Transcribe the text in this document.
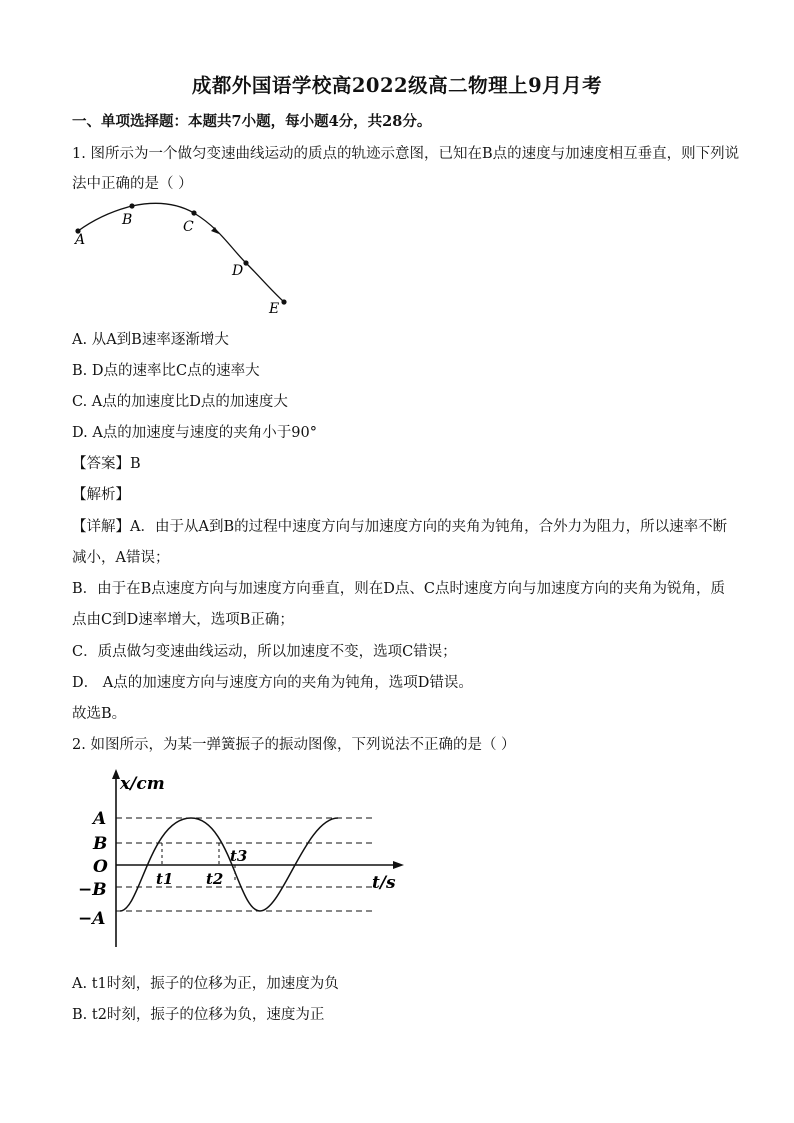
成都外国语学校高2022级高二物理上9月月考
一、单项选择题：本题共7小题，每小题4分，共28分。
1. 图所示为一个做匀变速曲线运动的质点的轨迹示意图，已知在B点的速度与加速度相互垂直，则下列说
法中正确的是（ ）
A
B	C
D
E
A. 从A到B速率逐渐增大
B. D点的速率比C点的速率大
C. A点的加速度比D点的加速度大
D. A点的加速度与速度的夹角小于90°
【答案】B
【解析】
【详解】A．由于从A到B的过程中速度方向与加速度方向的夹角为钝角，合外力为阻力，所以速率不断
减小，A错误；
B．由于在B点速度方向与加速度方向垂直，则在D点、C点时速度方向与加速度方向的夹角为锐角，质
点由C到D速率增大，选项B正确；
C．质点做匀变速曲线运动，所以加速度不变，选项C错误；
D． A点的加速度方向与速度方向的夹角为钝角，选项D错误。
故选B。
2. 如图所示，为某一弹簧振子的振动图像，下列说法不正确的是（ ）
x/cm
A
B
O
−B
−A
t/s
t1 t2
t3
A. t1时刻，振子的位移为正，加速度为负
B. t2时刻，振子的位移为负，速度为正
